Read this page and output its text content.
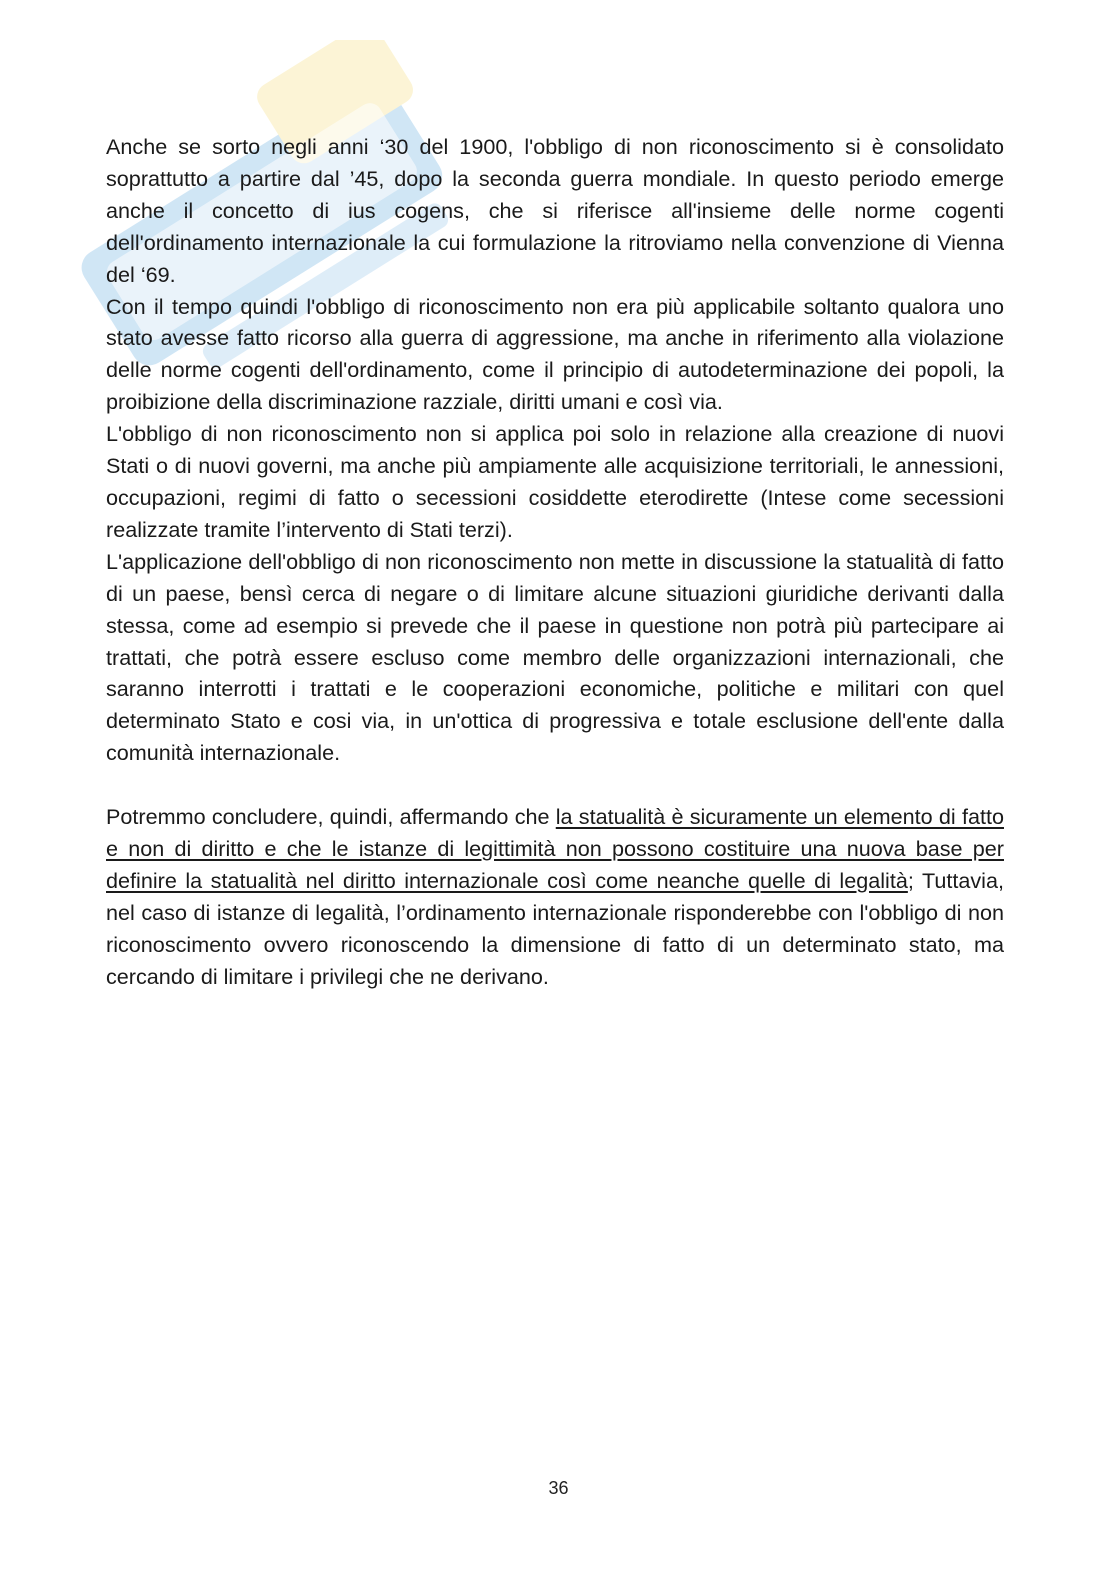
Anche se sorto negli anni ‘30 del 1900, l'obbligo di non riconoscimento si è consolidato soprattutto a partire dal ’45, dopo la seconda guerra mondiale. In questo periodo emerge anche il concetto di ius cogens, che si riferisce all'insieme delle norme cogenti dell'ordinamento internazionale la cui formulazione la ritroviamo nella convenzione di Vienna del ‘69.

Con il tempo quindi l'obbligo di riconoscimento non era più applicabile soltanto qualora uno stato avesse fatto ricorso alla guerra di aggressione, ma anche in riferimento alla violazione delle norme cogenti dell'ordinamento, come il principio di autodeterminazione dei popoli, la proibizione della discriminazione razziale, diritti umani e così via.

L'obbligo di non riconoscimento non si applica poi solo in relazione alla creazione di nuovi Stati o di nuovi governi, ma anche più ampiamente alle acquisizione territoriali, le annessioni, occupazioni, regimi di fatto o secessioni cosiddette eterodirette (Intese come secessioni realizzate tramite l’intervento di Stati terzi).

L'applicazione dell'obbligo di non riconoscimento non mette in discussione la statualità di fatto di un paese, bensì cerca di negare o di limitare alcune situazioni giuridiche derivanti dalla stessa, come ad esempio si prevede che il paese in questione non potrà più partecipare ai trattati, che potrà essere escluso come membro delle organizzazioni internazionali, che saranno interrotti i trattati e le cooperazioni economiche, politiche e militari con quel determinato Stato e cosi via, in un'ottica di progressiva e totale esclusione dell'ente dalla comunità internazionale.

Potremmo concludere, quindi, affermando che la statualità è sicuramente un elemento di fatto e non di diritto e che le istanze di legittimità non possono costituire una nuova base per definire la statualità nel diritto internazionale così come neanche quelle di legalità; Tuttavia, nel caso di istanze di legalità, l’ordinamento internazionale risponderebbe con l'obbligo di non riconoscimento ovvero riconoscendo la dimensione di fatto di un determinato stato, ma cercando di limitare i privilegi che ne derivano.

36
